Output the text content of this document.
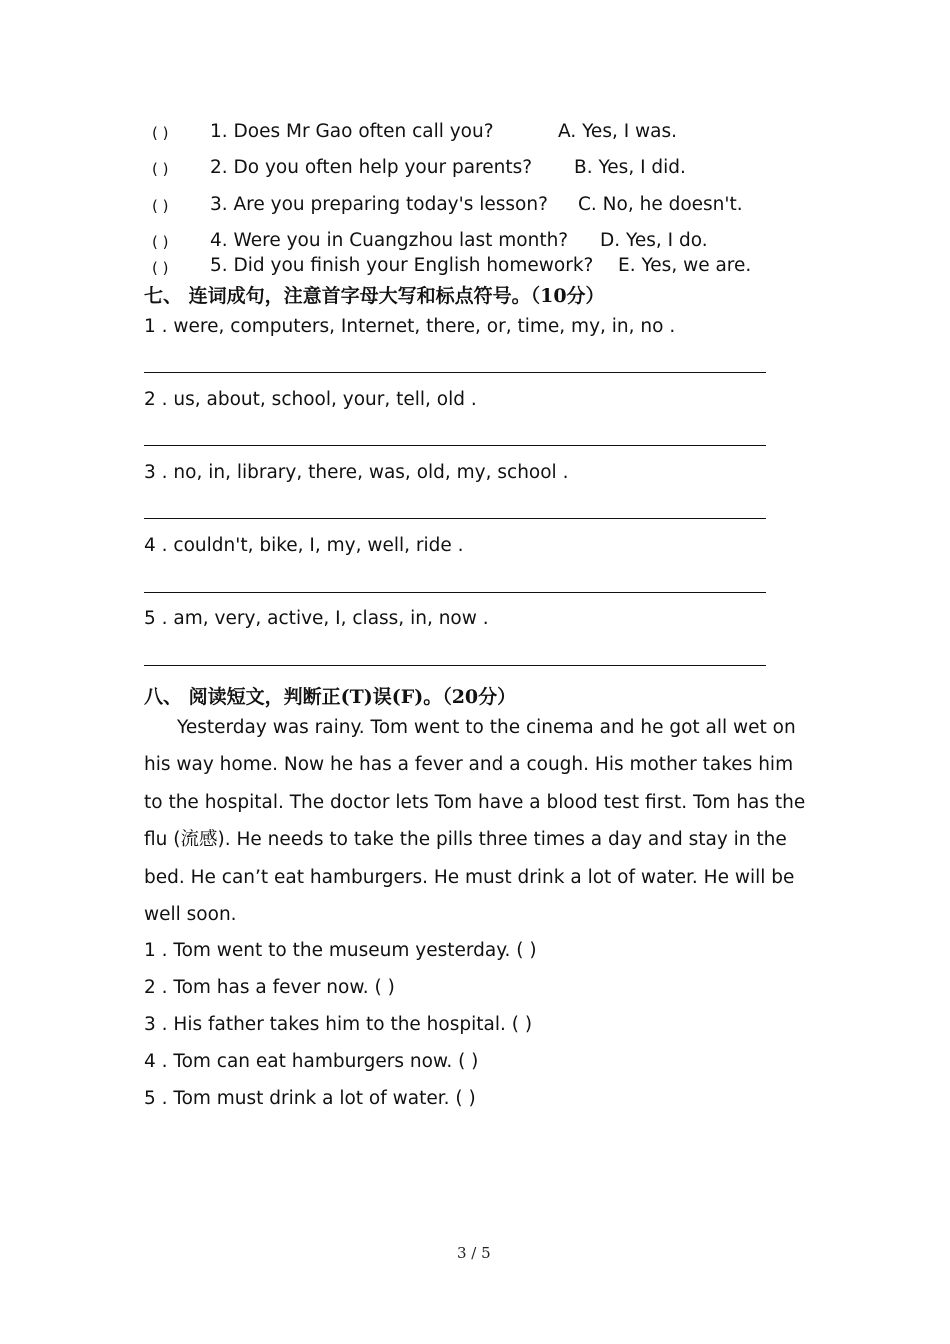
( ) 1. Does Mr Gao often call you?	A. Yes, I was.
( ) 2. Do you often help your parents? B. Yes, I did.
( ) 3. Are you preparing today's lesson? C. No, he doesn't.
( ) 4. Were you in Cuangzhou last month? D. Yes, I do.
( ) 5. Did you finish your English homework? E. Yes, we are.
七、 连词成句，注意首字母大写和标点符号。（10分）
1 . were, computers, Internet, there, or, time, my, in, no .
2 . us, about, school, your, tell, old .
3 . no, in, library, there, was, old, my, school .
4 . couldn't, bike, I, my, well, ride .
5 . am, very, active, I, class, in, now .
八、 阅读短文，判断正(T)误(F)。（20分）

Yesterday was rainy. Tom went to the cinema and he got all wet on his way home. Now he has a fever and a cough. His mother takes him to the hospital. The doctor lets Tom have a blood test first. Tom has the flu (流感). He needs to take the pills three times a day and stay in the bed. He can’t eat hamburgers. He must drink a lot of water. He will be well soon.

1 . Tom went to the museum yesterday. ( )
2 . Tom has a fever now. ( )
3 . His father takes him to the hospital. ( )
4 . Tom can eat hamburgers now. ( )
5 . Tom must drink a lot of water. ( )
3 / 5
